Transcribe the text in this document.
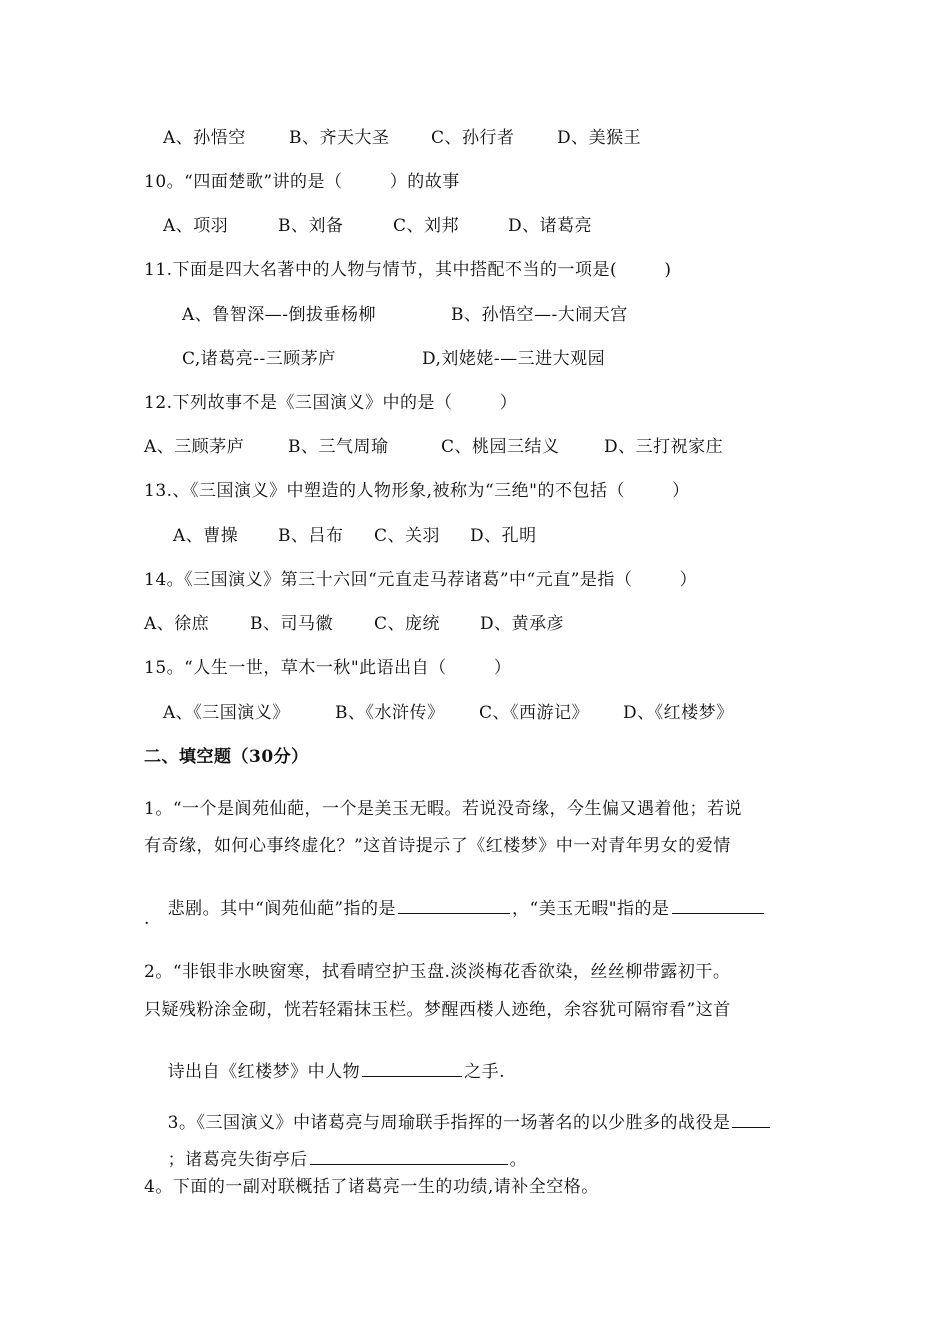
A、孙悟空	B、齐天大圣 C、孙行者 D、美猴王
10。“四面楚歌”讲的是（        ）的故事
A、项羽	B、刘备	C、刘邦	D、诸葛亮
11.下面是四大名著中的人物与情节，其中搭配不当的一项是(        )
A、鲁智深—-倒拔垂杨柳	B、孙悟空—-大闹天宫
C,诸葛亮--三顾茅庐	D,刘姥姥-—三进大观园
12.下列故事不是《三国演义》中的是（        ）
A、三顾茅庐	B、三气周瑜	C、桃园三结义	D、三打祝家庄
13.、《三国演义》中塑造的人物形象,被称为“三绝"的不包括（        ）
A、曹操 B、吕布 C、关羽 D、孔明
14。《三国演义》第三十六回“元直走马荐诸葛”中“元直”是指（        ）
A、徐庶 B、司马徽 C、庞统 D、黄承彦
15。“人生一世，草木一秋"此语出自（        ）
A、《三国演义》	B、《水浒传》 C、《西游记》 D、《红楼梦》
二、填空题（30分）
1。“一个是阆苑仙葩，一个是美玉无暇。若说没奇缘，今生偏又遇着他；若说
有奇缘，如何心事终虚化？”这首诗提示了《红楼梦》中一对青年男女的爱情

悲剧。其中“阆苑仙葩”指的是	，“美玉无暇"指的是

.
2。“非银非水映窗寒，拭看晴空护玉盘.淡淡梅花香欲染，丝丝柳带露初干。
只疑残粉涂金砌，恍若轻霜抹玉栏。梦醒西楼人迹绝，余容犹可隔帘看”这首

诗出自《红楼梦》中人物	之手.

3。《三国演义》中诸葛亮与周瑜联手指挥的一场著名的以少胜多的战役是

；诸葛亮失街亭后	。

4。下面的一副对联概括了诸葛亮一生的功绩,请补全空格。
